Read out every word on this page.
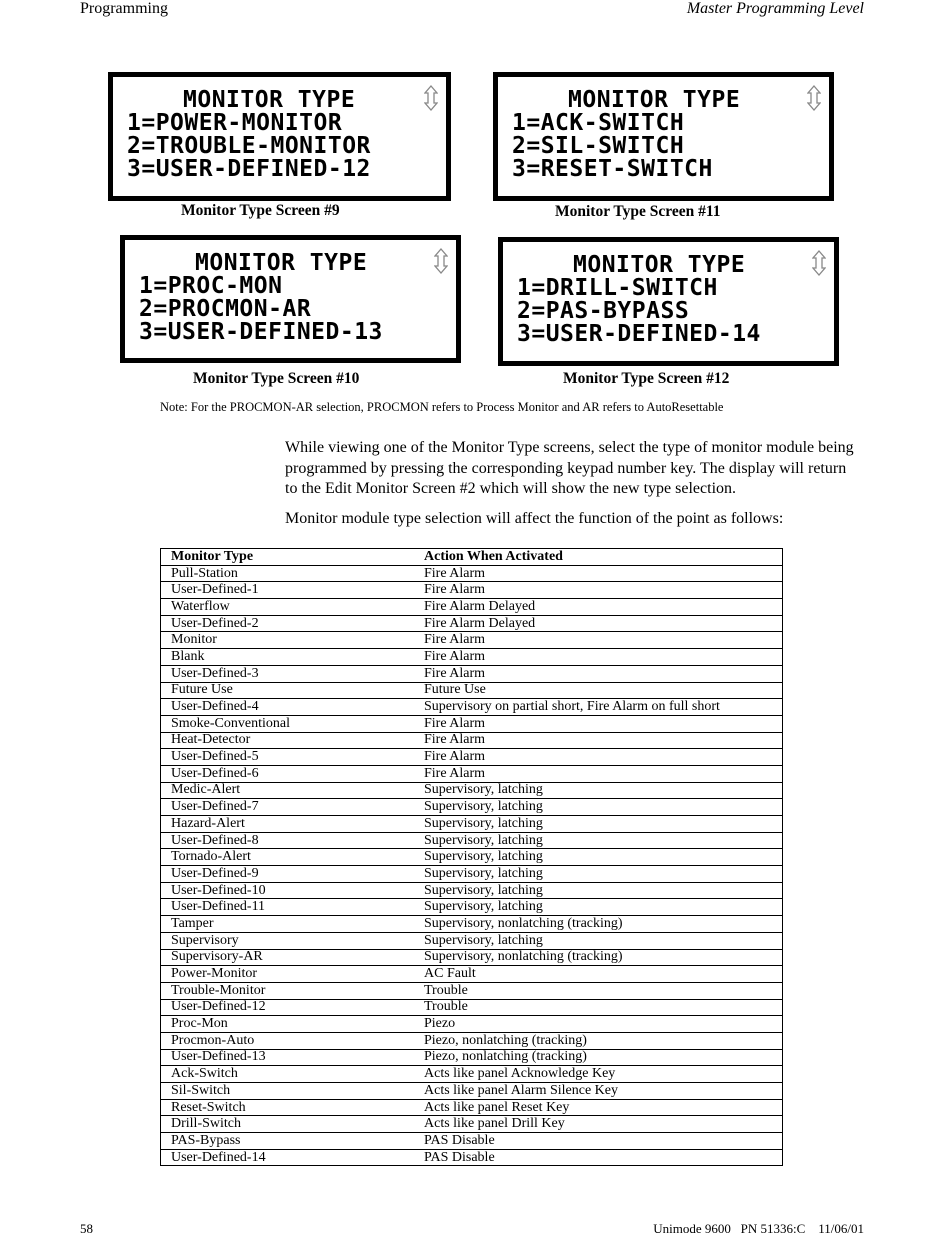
Programming	Master Programming Level
MONITOR TYPE
1=POWER-MONITOR
2=TROUBLE-MONITOR
3=USER-DEFINED-12
Monitor Type Screen #9
MONITOR TYPE
1=ACK-SWITCH
2=SIL-SWITCH
3=RESET-SWITCH
Monitor Type Screen #11
MONITOR TYPE
1=PROC-MON
2=PROCMON-AR
3=USER-DEFINED-13
Monitor Type Screen #10
MONITOR TYPE
1=DRILL-SWITCH
2=PAS-BYPASS
3=USER-DEFINED-14
Monitor Type Screen #12
Note: For the PROCMON-AR selection, PROCMON refers to Process Monitor and AR refers to AutoResettable
While viewing one of the Monitor Type screens, select the type of monitor module being programmed by pressing the corresponding keypad number key. The display will return to the Edit Monitor Screen #2 which will show the new type selection.
Monitor module type selection will affect the function of the point as follows:
Monitor Type	Action When Activated
Pull-Station	Fire Alarm
User-Defined-1	Fire Alarm
Waterflow	Fire Alarm Delayed
User-Defined-2	Fire Alarm Delayed
Monitor	Fire Alarm
Blank	Fire Alarm
User-Defined-3	Fire Alarm
Future Use	Future Use
User-Defined-4	Supervisory on partial short, Fire Alarm on full short
Smoke-Conventional	Fire Alarm
Heat-Detector	Fire Alarm
User-Defined-5	Fire Alarm
User-Defined-6	Fire Alarm
Medic-Alert	Supervisory, latching
User-Defined-7	Supervisory, latching
Hazard-Alert	Supervisory, latching
User-Defined-8	Supervisory, latching
Tornado-Alert	Supervisory, latching
User-Defined-9	Supervisory, latching
User-Defined-10	Supervisory, latching
User-Defined-11	Supervisory, latching
Tamper	Supervisory, nonlatching (tracking)
Supervisory	Supervisory, latching
Supervisory-AR	Supervisory, nonlatching (tracking)
Power-Monitor	AC Fault
Trouble-Monitor	Trouble
User-Defined-12	Trouble
Proc-Mon	Piezo
Procmon-Auto	Piezo, nonlatching (tracking)
User-Defined-13	Piezo, nonlatching (tracking)
Ack-Switch	Acts like panel Acknowledge Key
Sil-Switch	Acts like panel Alarm Silence Key
Reset-Switch	Acts like panel Reset Key
Drill-Switch	Acts like panel Drill Key
PAS-Bypass	PAS Disable
User-Defined-14	PAS Disable
58	Unimode 9600   PN 51336:C    11/06/01
